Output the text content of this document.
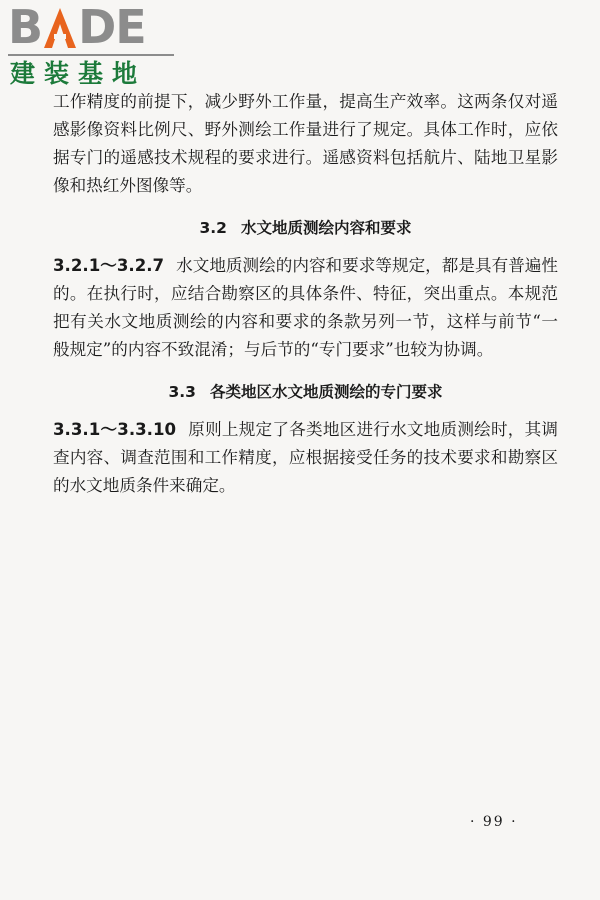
B DE
建装基地

工作精度的前提下，减少野外工作量，提高生产效率。这两条仅对遥感影像资料比例尺、野外测绘工作量进行了规定。具体工作时，应依据专门的遥感技术规程的要求进行。遥感资料包括航片、陆地卫星影像和热红外图像等。

3.2 水文地质测绘内容和要求

3.2.1～3.2.7 水文地质测绘的内容和要求等规定，都是具有普遍性的。在执行时，应结合勘察区的具体条件、特征，突出重点。本规范把有关水文地质测绘的内容和要求的条款另列一节，这样与前节“一般规定”的内容不致混淆；与后节的“专门要求”也较为协调。

3.3 各类地区水文地质测绘的专门要求

3.3.1～3.3.10 原则上规定了各类地区进行水文地质测绘时，其调查内容、调查范围和工作精度，应根据接受任务的技术要求和勘察区的水文地质条件来确定。

· 99 ·
